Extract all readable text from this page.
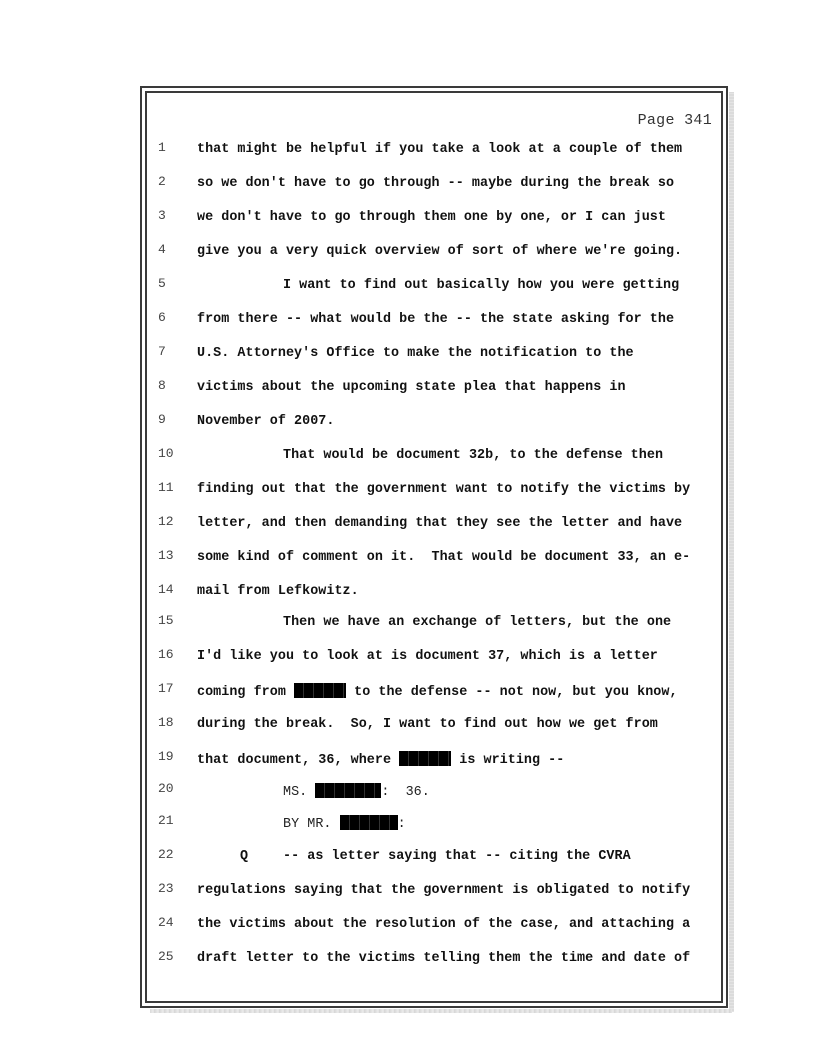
Page 341
1 that might be helpful if you take a look at a couple of them
2 so we don't have to go through -- maybe during the break so
3 we don't have to go through them one by one, or I can just
4 give you a very quick overview of sort of where we're going.
5	I want to find out basically how you were getting
6 from there -- what would be the -- the state asking for the
7 U.S. Attorney's Office to make the notification to the
8 victims about the upcoming state plea that happens in
9 November of 2007.
10	That would be document 32b, to the defense then
11 finding out that the government want to notify the victims by
12 letter, and then demanding that they see the letter and have
13 some kind of comment on it.  That would be document 33, an e-
14 mail from Lefkowitz.
15	Then we have an exchange of letters, but the one
16 I'd like you to look at is document 37, which is a letter
17 coming from	to the defense -- not now, but you know,
18 during the break.  So, I want to find out how we get from
19 that document, 36, where	is writing --
20	MS.	:  36.
21	BY MR.	:
22	Q	-- as letter saying that -- citing the CVRA
23 regulations saying that the government is obligated to notify
24 the victims about the resolution of the case, and attaching a
25 draft letter to the victims telling them the time and date of
